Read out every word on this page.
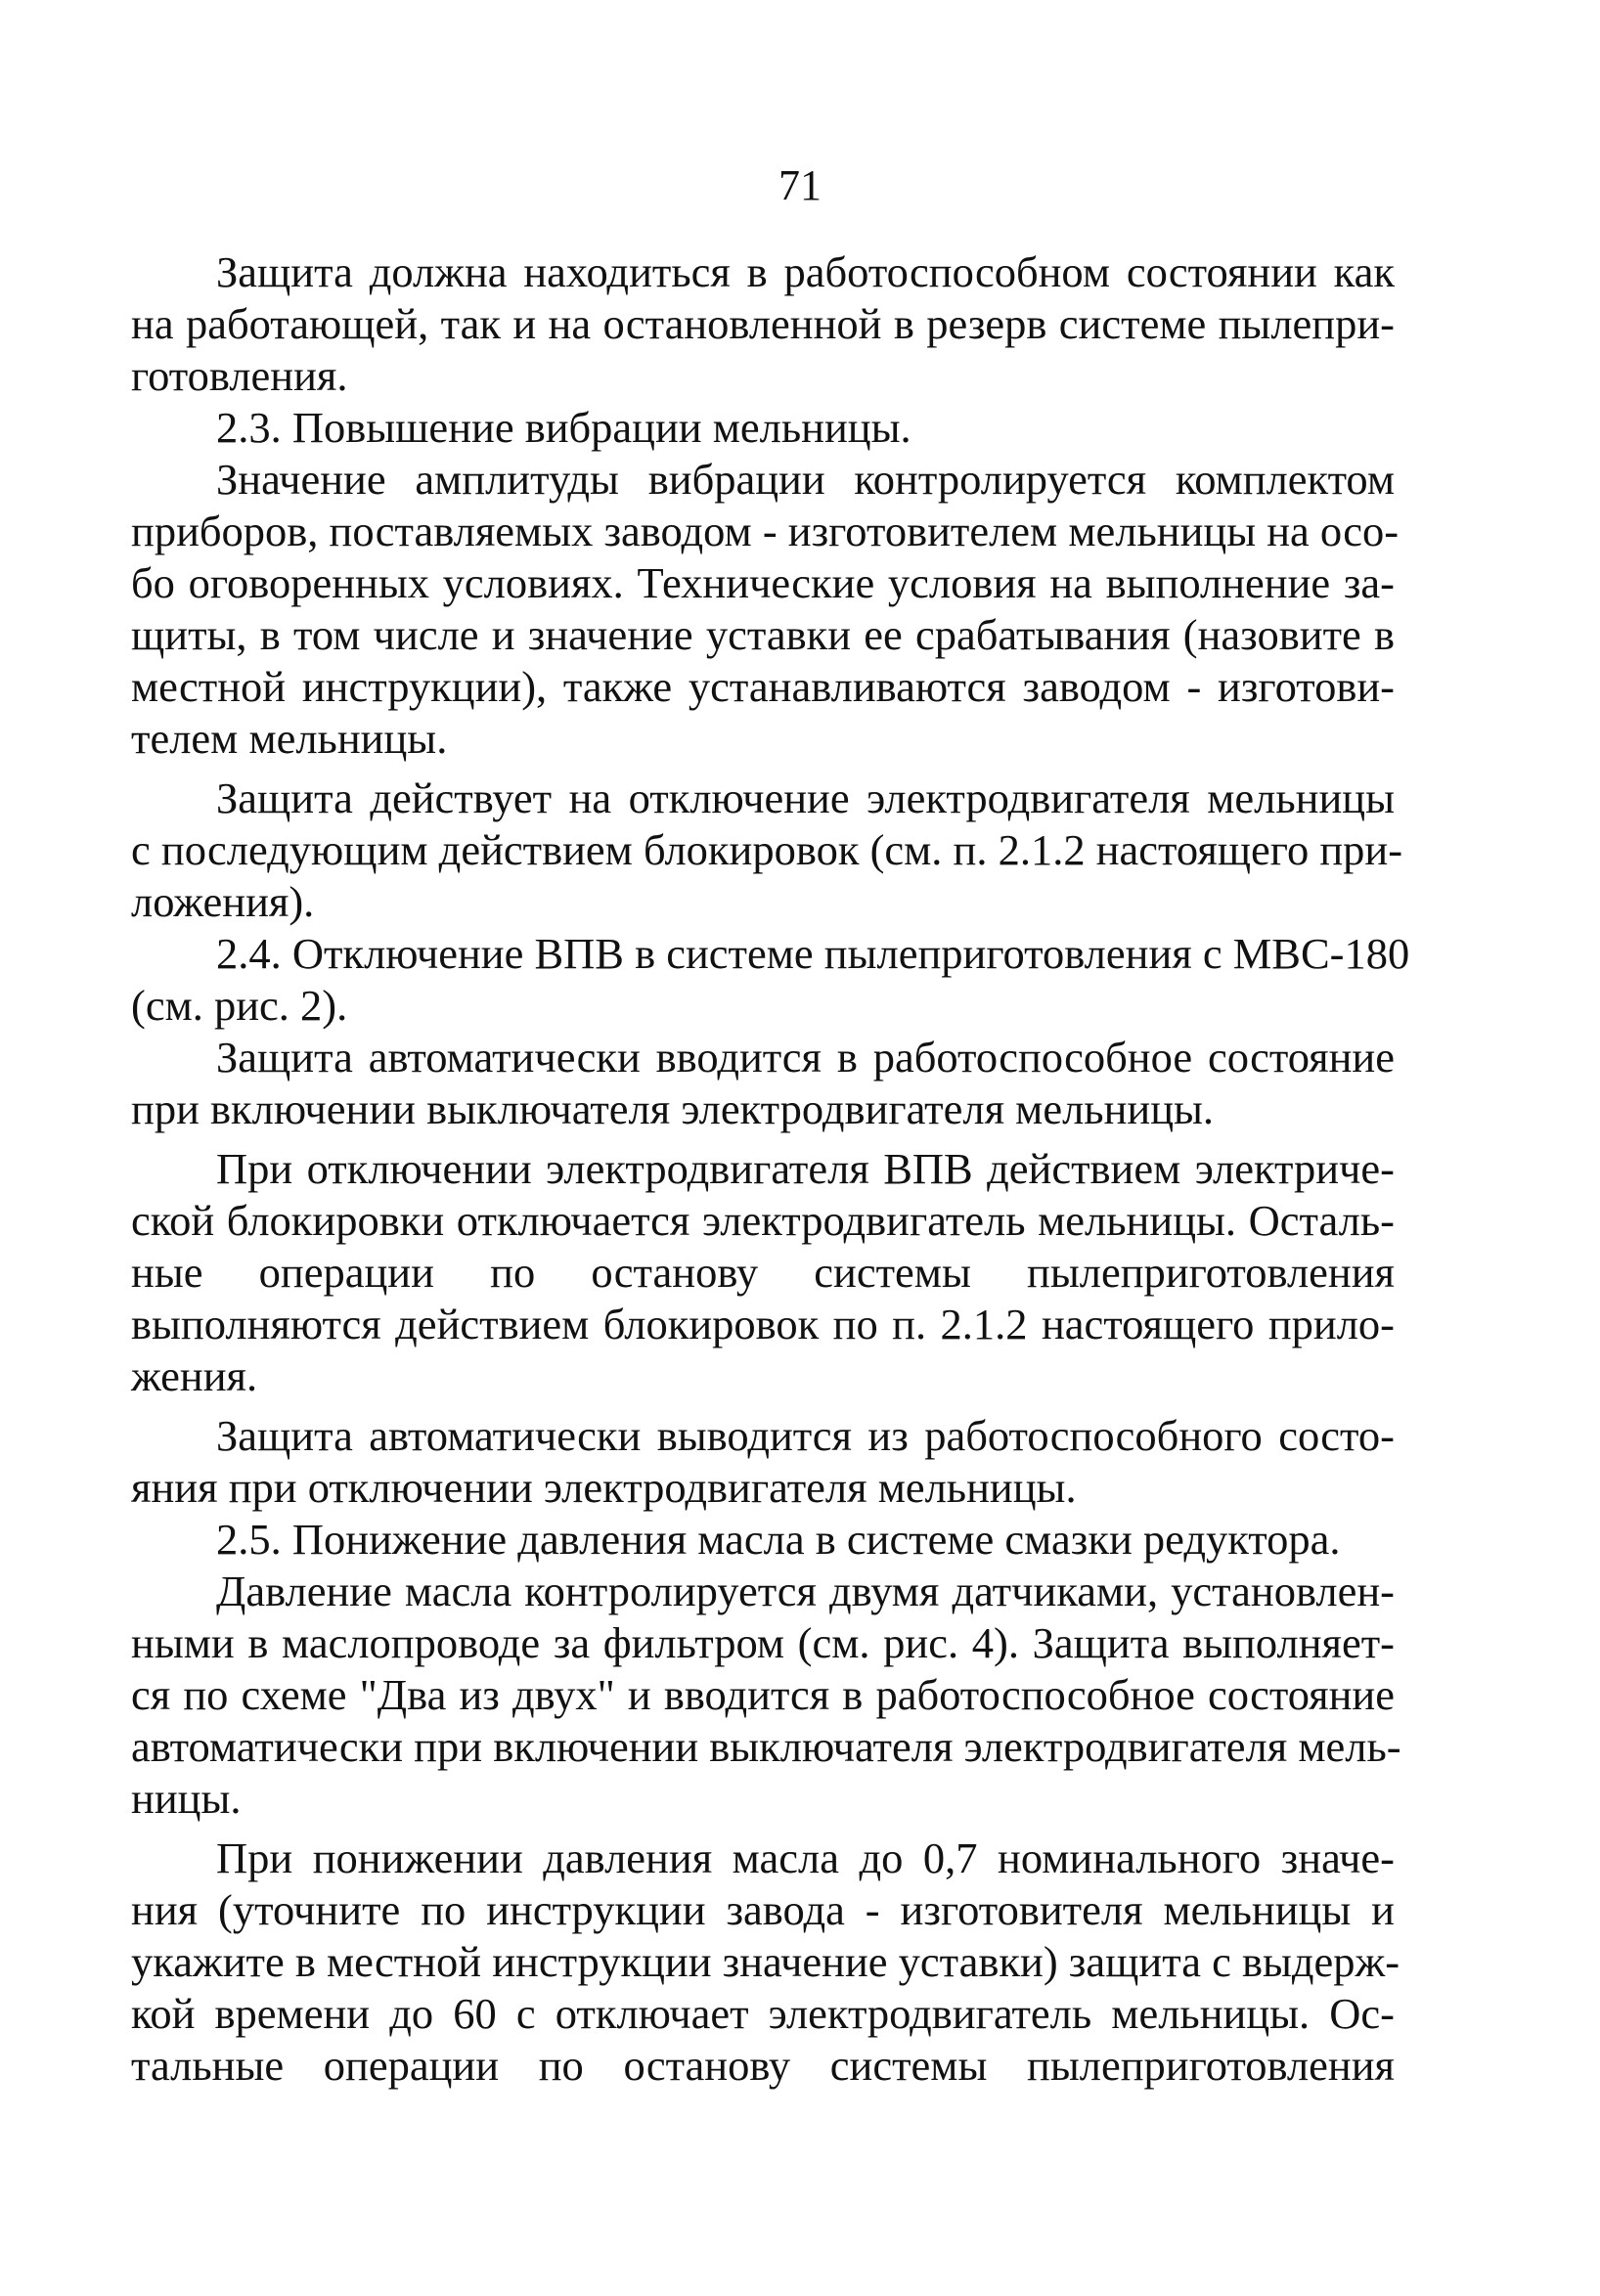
71
Защита должна находиться в работоспособном состоянии как
на работающей, так и на остановленной в резерв системе пылепри-
готовления.
2.3. Повышение вибрации мельницы.
Значение амплитуды вибрации контролируется комплектом
приборов, поставляемых заводом - изготовителем мельницы на осо-
бо оговоренных условиях. Технические условия на выполнение за-
щиты, в том числе и значение уставки ее срабатывания (назовите в
местной инструкции), также устанавливаются заводом - изготови-
телем мельницы.
Защита действует на отключение электродвигателя мельницы
с последующим действием блокировок (см. п. 2.1.2 настоящего при-
ложения).
2.4. Отключение ВПВ в системе пылеприготовления с МВС-180
(см. рис. 2).
Защита автоматически вводится в работоспособное состояние
при включении выключателя электродвигателя мельницы.
При отключении электродвигателя ВПВ действием электриче-
ской блокировки отключается электродвигатель мельницы. Осталь-
ные операции по останову системы пылеприготовления
выполняются действием блокировок по п. 2.1.2 настоящего прило-
жения.
Защита автоматически выводится из работоспособного состо-
яния при отключении электродвигателя мельницы.
2.5. Понижение давления масла в системе смазки редуктора.
Давление масла контролируется двумя датчиками, установлен-
ными в маслопроводе за фильтром (см. рис. 4). Защита выполняет-
ся по схеме "Два из двух" и вводится в работоспособное состояние
автоматически при включении выключателя электродвигателя мель-
ницы.
При понижении давления масла до 0,7 номинального значе-
ния (уточните по инструкции завода - изготовителя мельницы и
укажите в местной инструкции значение уставки) защита с выдерж-
кой времени до 60 с отключает электродвигатель мельницы. Ос-
тальные операции по останову системы пылеприготовления
